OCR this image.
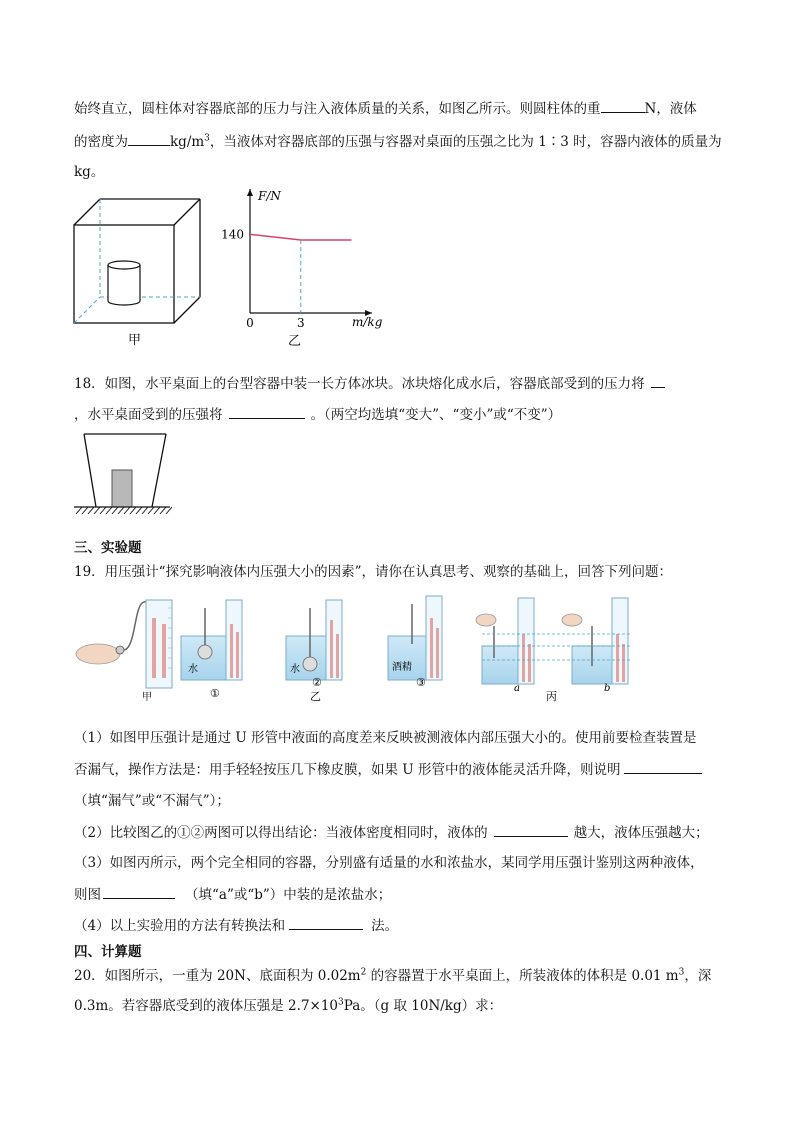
始终直立，圆柱体对容器底部的压力与注入液体质量的关系，如图乙所示。则圆柱体的重	N，液体
的密度为	$kg/m^3$，当液体对容器底部的压强与容器对桌面的压强之比为 1∶3 时，容器内液体的质量为
kg。
甲
F/N
m/kg
140
0	3
乙
18．如图，水平桌面上的台型容器中装一长方体冰块。冰块熔化成水后，容器底部受到的压力将
，水平桌面受到的压强将	。（两空均选填“变大”、“变小”或“不变”）
三、实验题
19．用压强计“探究影响液体内压强大小的因素”，请你在认真思考、观察的基础上，回答下列问题：
甲
水
①
水
②
乙
酒精
③	a	b
丙
（1）如图甲压强计是通过 U 形管中液面的高度差来反映被测液体内部压强大小的。使用前要检查装置是
否漏气，操作方法是：用手轻轻按压几下橡皮膜，如果 U 形管中的液体能灵活升降，则说明
（填“漏气”或“不漏气”）；
（2）比较图乙的①②两图可以得出结论：当液体密度相同时，液体的	越大，液体压强越大；
（3）如图丙所示，两个完全相同的容器，分别盛有适量的水和浓盐水，某同学用压强计鉴别这两种液体，
则图	（填“a”或“b”）中装的是浓盐水；
（4）以上实验用的方法有转换法和	法。
四、计算题
20．如图所示，一重为 20N、底面积为 $0.02m^2$ 的容器置于水平桌面上，所装液体的体积是 0.01 $m^3$，深
0.3m。若容器底受到的液体压强是 $2.7\times 10^3Pa$。（g 取 10N/kg）求：
